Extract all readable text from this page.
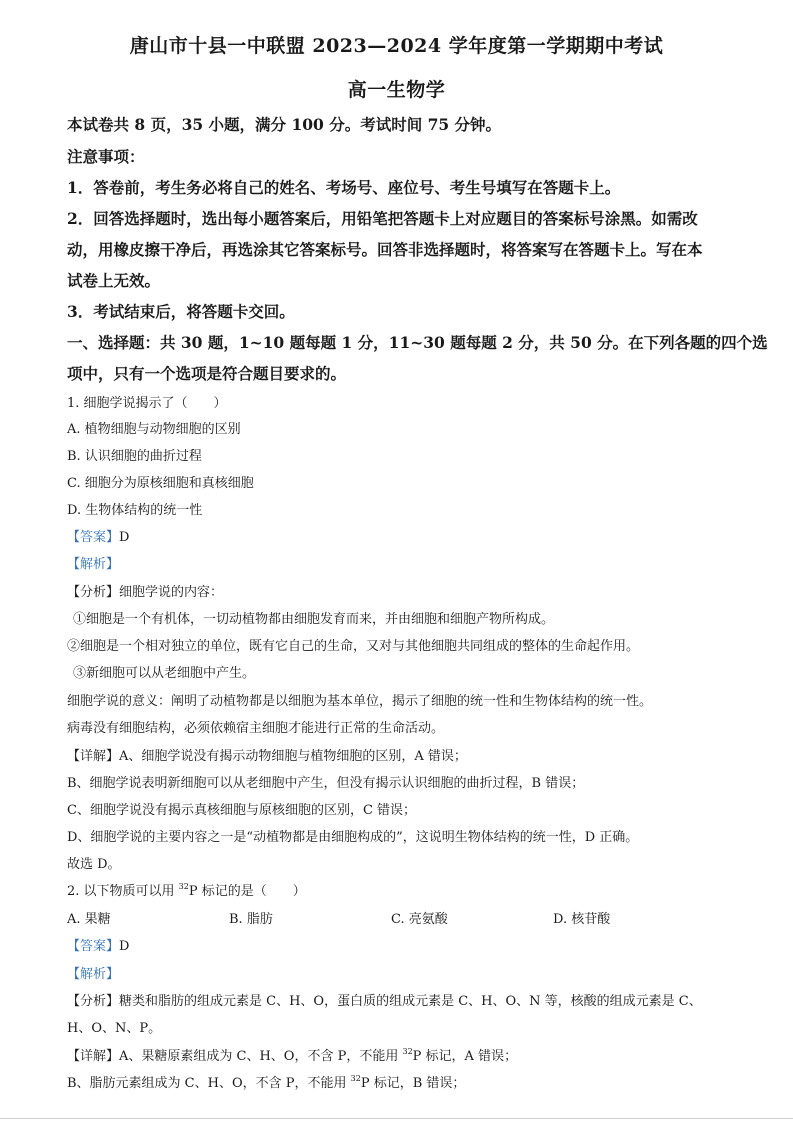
唐山市十县一中联盟 2023—2024 学年度第一学期期中考试
高一生物学
本试卷共 8 页，35 小题，满分 100 分。考试时间 75 分钟。
注意事项：
1．答卷前，考生务必将自己的姓名、考场号、座位号、考生号填写在答题卡上。
2．回答选择题时，选出每小题答案后，用铅笔把答题卡上对应题目的答案标号涂黑。如需改
动，用橡皮擦干净后，再选涂其它答案标号。回答非选择题时，将答案写在答题卡上。写在本
试卷上无效。
3．考试结束后，将答题卡交回。
一、选择题：共 30 题，1~10 题每题 1 分，11~30 题每题 2 分，共 50 分。在下列各题的四个选
项中，只有一个选项是符合题目要求的。
1. 细胞学说揭示了（　　）
A. 植物细胞与动物细胞的区别
B. 认识细胞的曲折过程
C. 细胞分为原核细胞和真核细胞
D. 生物体结构的统一性
【答案】D
【解析】
【分析】细胞学说的内容：
①细胞是一个有机体，一切动植物都由细胞发育而来，并由细胞和细胞产物所构成。
②细胞是一个相对独立的单位，既有它自己的生命，又对与其他细胞共同组成的整体的生命起作用。
③新细胞可以从老细胞中产生。
细胞学说的意义：阐明了动植物都是以细胞为基本单位，揭示了细胞的统一性和生物体结构的统一性。
病毒没有细胞结构，必须依赖宿主细胞才能进行正常的生命活动。
【详解】A、细胞学说没有揭示动物细胞与植物细胞的区别，A 错误；
B、细胞学说表明新细胞可以从老细胞中产生，但没有揭示认识细胞的曲折过程，B 错误；
C、细胞学说没有揭示真核细胞与原核细胞的区别，C 错误；
D、细胞学说的主要内容之一是“动植物都是由细胞构成的”，这说明生物体结构的统一性，D 正确。
故选 D。
2. 以下物质可以用 $^{32}$P 标记的是（　　）
A. 果糖	B. 脂肪	C. 亮氨酸	D. 核苷酸
【答案】D
【解析】
【分析】糖类和脂肪的组成元素是 C、H、O，蛋白质的组成元素是 C、H、O、N 等，核酸的组成元素是 C、
H、O、N、P。
【详解】A、果糖原素组成为 C、H、O，不含 P，不能用 $^{32}$P 标记，A 错误；
B、脂肪元素组成为 C、H、O，不含 P，不能用 $^{32}$P 标记，B 错误；
